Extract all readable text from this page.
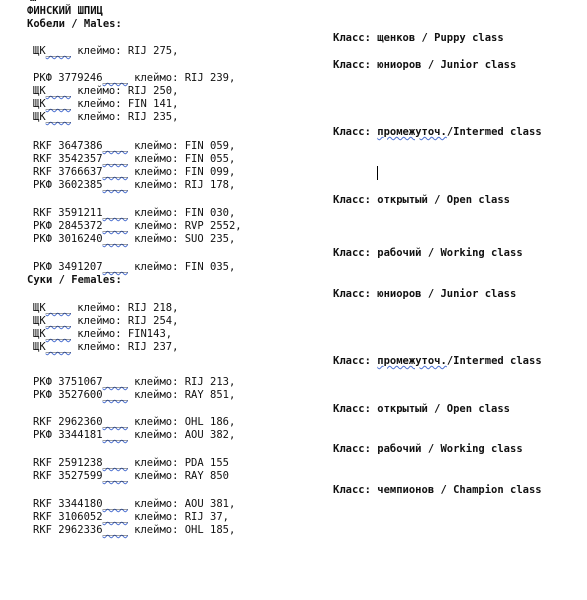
ФИНСКИЙ ШПИЦ
Кобели / Males:
Класс: щенков / Puppy class
ЩК____ клеймо: RIJ 275,
Класс: юниоров / Junior class
РКФ 3779246____ клеймо: RIJ 239,
ЩК____ клеймо: RIJ 250,
ЩК____ клеймо: FIN 141,
ЩК____ клеймо: RIJ 235,
Класс: промежуточ./Intermed class
RKF 3647386____ клеймо: FIN 059,
RKF 3542357____ клеймо: FIN 055,
RKF 3766637____ клеймо: FIN 099,
РКФ 3602385____ клеймо: RIJ 178,
Класс: открытый / Open class
RKF 3591211____ клеймо: FIN 030,
РКФ 2845372____ клеймо: RVP 2552,
РКФ 3016240____ клеймо: SUO 235,
Класс: рабочий / Working class
РКФ 3491207____ клеймо: FIN 035,
Суки / Females:
Класс: юниоров / Junior class
ЩК____ клеймо: RIJ 218,
ЩК____ клеймо: RIJ 254,
ЩК____ клеймо: FIN143,
ЩК____ клеймо: RIJ 237,
Класс: промежуточ./Intermed class
РКФ 3751067____ клеймо: RIJ 213,
РКФ 3527600____ клеймо: RAY 851,
Класс: открытый / Open class
RKF 2962360____ клеймо: OHL 186,
РКФ 3344181____ клеймо: AOU 382,
Класс: рабочий / Working class
RKF 2591238____ клеймо: PDA 155
RKF 3527599____ клеймо: RAY 850
Класс: чемпионов / Champion class
RKF 3344180____ клеймо: AOU 381,
RKF 3106052____ клеймо: RIJ 37,
RKF 2962336____ клеймо: OHL 185,
